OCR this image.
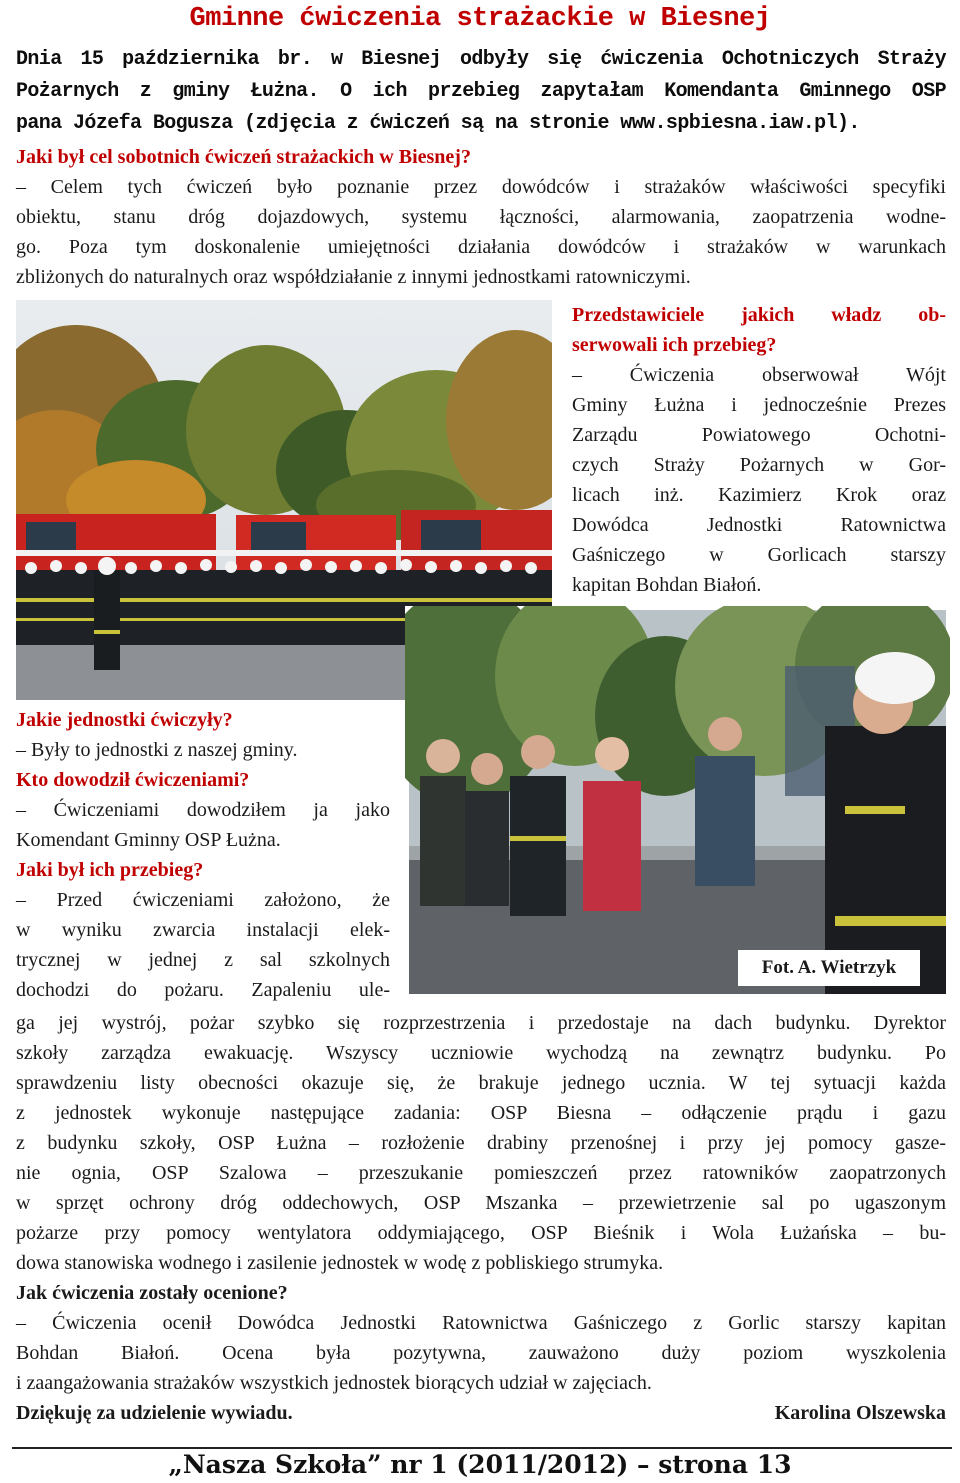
Gminne ćwiczenia strażackie w Biesnej
Dnia 15 października br. w Biesnej odbyły się ćwiczenia Ochotniczych Straży
Pożarnych z gminy Łużna. O ich przebieg zapytałam Komendanta Gminnego OSP
pana Józefa Bogusza (zdjęcia z ćwiczeń są na stronie www.spbiesna.iaw.pl).
Jaki był cel sobotnich ćwiczeń strażackich w Biesnej?
– Celem tych ćwiczeń było poznanie przez dowódców i strażaków właściwości specyfiki
obiektu, stanu dróg dojazdowych, systemu łączności, alarmowania, zaopatrzenia wodne-
go. Poza tym doskonalenie umiejętności działania dowódców i strażaków w warunkach
zbliżonych do naturalnych oraz współdziałanie z innymi jednostkami ratowniczymi.
Przedstawiciele jakich władz ob-
serwowali ich przebieg?
– Ćwiczenia obserwował Wójt
Gminy Łużna i jednocześnie Prezes
Zarządu Powiatowego Ochotni-
czych Straży Pożarnych w Gor-
licach inż. Kazimierz Krok oraz
Dowódca Jednostki Ratownictwa
Gaśniczego w Gorlicach starszy
kapitan Bohdan Białoń.
Fot. A. Wietrzyk
Jakie jednostki ćwiczyły?
– Były to jednostki z naszej gminy.
Kto dowodził ćwiczeniami?
– Ćwiczeniami dowodziłem ja jako
Komendant Gminny OSP Łużna.
Jaki był ich przebieg?
– Przed ćwiczeniami założono, że
w wyniku zwarcia instalacji elek-
trycznej w jednej z sal szkolnych
dochodzi do pożaru. Zapaleniu ule-
ga jej wystrój, pożar szybko się rozprzestrzenia i przedostaje na dach budynku. Dyrektor
szkoły zarządza ewakuację. Wszyscy uczniowie wychodzą na zewnątrz budynku. Po
sprawdzeniu listy obecności okazuje się, że brakuje jednego ucznia. W tej sytuacji każda
z jednostek wykonuje następujące zadania: OSP Biesna – odłączenie prądu i gazu
z budynku szkoły, OSP Łużna – rozłożenie drabiny przenośnej i przy jej pomocy gasze-
nie ognia, OSP Szalowa – przeszukanie pomieszczeń przez ratowników zaopatrzonych
w sprzęt ochrony dróg oddechowych, OSP Mszanka – przewietrzenie sal po ugaszonym
pożarze przy pomocy wentylatora oddymiającego, OSP Bieśnik i Wola Łużańska – bu-
dowa stanowiska wodnego i zasilenie jednostek w wodę z pobliskiego strumyka.
Jak ćwiczenia zostały ocenione?
– Ćwiczenia ocenił Dowódca Jednostki Ratownictwa Gaśniczego z Gorlic starszy kapitan
Bohdan Białoń. Ocena była pozytywna, zauważono duży poziom wyszkolenia
i zaangażowania strażaków wszystkich jednostek biorących udział w zajęciach.
Dziękuję za udzielenie wywiadu.	Karolina Olszewska
„Nasza Szkoła” nr 1 (2011/2012) – strona 13
